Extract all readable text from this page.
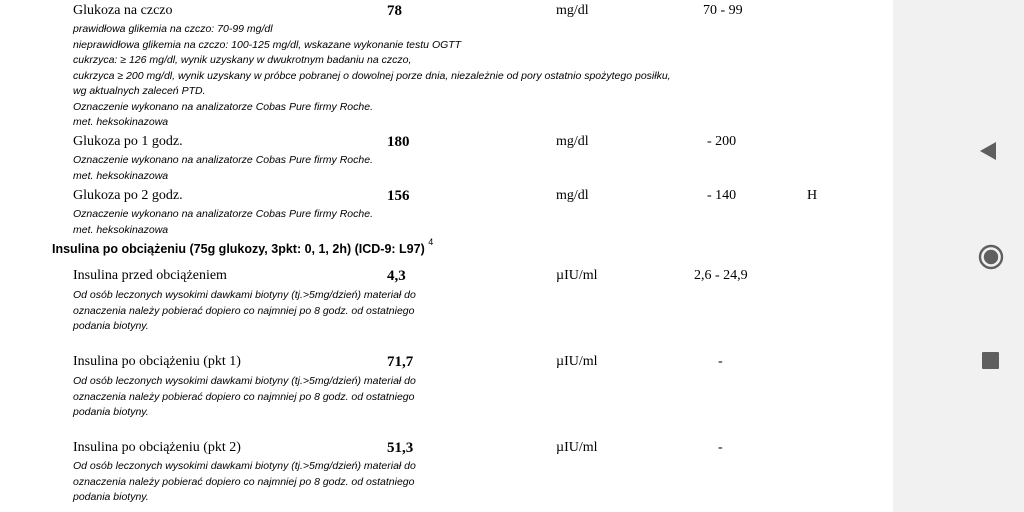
Glukoza na czczo	78	mg/dl	70 - 99
prawidłowa glikemia na czczo: 70-99 mg/dl
nieprawidłowa glikemia na czczo: 100-125 mg/dl, wskazane wykonanie testu OGTT
cukrzyca: ≥ 126 mg/dl, wynik uzyskany w dwukrotnym badaniu na czczo,
cukrzyca ≥ 200 mg/dl, wynik uzyskany w próbce pobranej o dowolnej porze dnia, niezależnie od pory ostatnio spożytego posiłku,
wg aktualnych zaleceń PTD.
Oznaczenie wykonano na analizatorze Cobas Pure firmy Roche.
met. heksokinazowa
Glukoza po 1 godz.	180	mg/dl	- 200
Oznaczenie wykonano na analizatorze Cobas Pure firmy Roche.
met. heksokinazowa
Glukoza po 2 godz.	156	mg/dl	- 140	H
Oznaczenie wykonano na analizatorze Cobas Pure firmy Roche.
met. heksokinazowa
Insulina po obciążeniu (75g glukozy, 3pkt: 0, 1, 2h) (ICD-9: L97) $^4$
Insulina przed obciążeniem	4,3	µIU/ml	2,6 - 24,9
Od osób leczonych wysokimi dawkami biotyny (tj.>5mg/dzień) materiał do
oznaczenia należy pobierać dopiero co najmniej po 8 godz. od ostatniego
podania biotyny.
Insulina po obciążeniu (pkt 1)	71,7	µIU/ml	-
Od osób leczonych wysokimi dawkami biotyny (tj.>5mg/dzień) materiał do
oznaczenia należy pobierać dopiero co najmniej po 8 godz. od ostatniego
podania biotyny.
Insulina po obciążeniu (pkt 2)	51,3	µIU/ml	-
Od osób leczonych wysokimi dawkami biotyny (tj.>5mg/dzień) materiał do
oznaczenia należy pobierać dopiero co najmniej po 8 godz. od ostatniego
podania biotyny.
